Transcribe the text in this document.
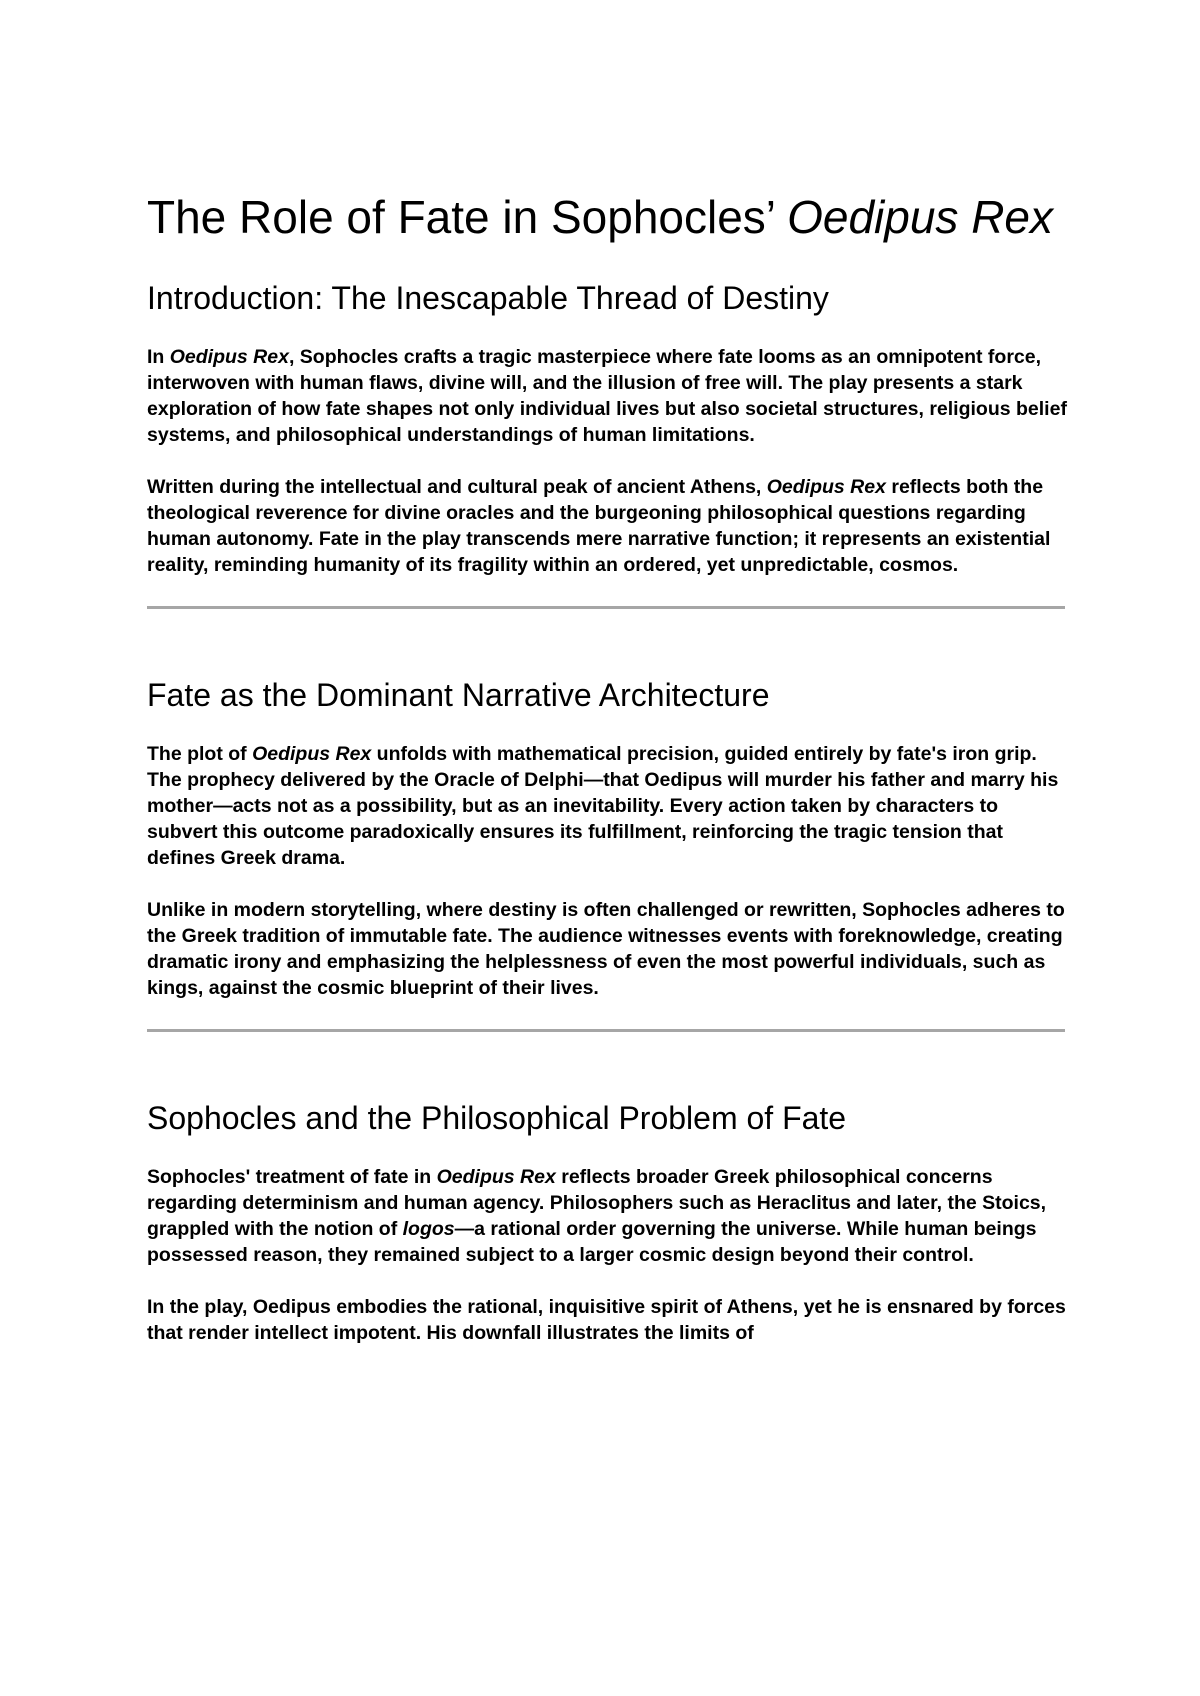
The Role of Fate in Sophocles’ Oedipus Rex
Introduction: The Inescapable Thread of Destiny

In Oedipus Rex, Sophocles crafts a tragic masterpiece where fate looms as an omnipotent force, interwoven with human flaws, divine will, and the illusion of free will. The play presents a stark exploration of how fate shapes not only individual lives but also societal structures, religious belief systems, and philosophical understandings of human limitations.

Written during the intellectual and cultural peak of ancient Athens, Oedipus Rex reflects both the theological reverence for divine oracles and the burgeoning philosophical questions regarding human autonomy. Fate in the play transcends mere narrative function; it represents an existential reality, reminding humanity of its fragility within an ordered, yet unpredictable, cosmos.

Fate as the Dominant Narrative Architecture

The plot of Oedipus Rex unfolds with mathematical precision, guided entirely by fate's iron grip. The prophecy delivered by the Oracle of Delphi—that Oedipus will murder his father and marry his mother—acts not as a possibility, but as an inevitability. Every action taken by characters to subvert this outcome paradoxically ensures its fulfillment, reinforcing the tragic tension that defines Greek drama.

Unlike in modern storytelling, where destiny is often challenged or rewritten, Sophocles adheres to the Greek tradition of immutable fate. The audience witnesses events with foreknowledge, creating dramatic irony and emphasizing the helplessness of even the most powerful individuals, such as kings, against the cosmic blueprint of their lives.

Sophocles and the Philosophical Problem of Fate

Sophocles' treatment of fate in Oedipus Rex reflects broader Greek philosophical concerns regarding determinism and human agency. Philosophers such as Heraclitus and later, the Stoics, grappled with the notion of logos—a rational order governing the universe. While human beings possessed reason, they remained subject to a larger cosmic design beyond their control.

In the play, Oedipus embodies the rational, inquisitive spirit of Athens, yet he is ensnared by forces that render intellect impotent. His downfall illustrates the limits of
